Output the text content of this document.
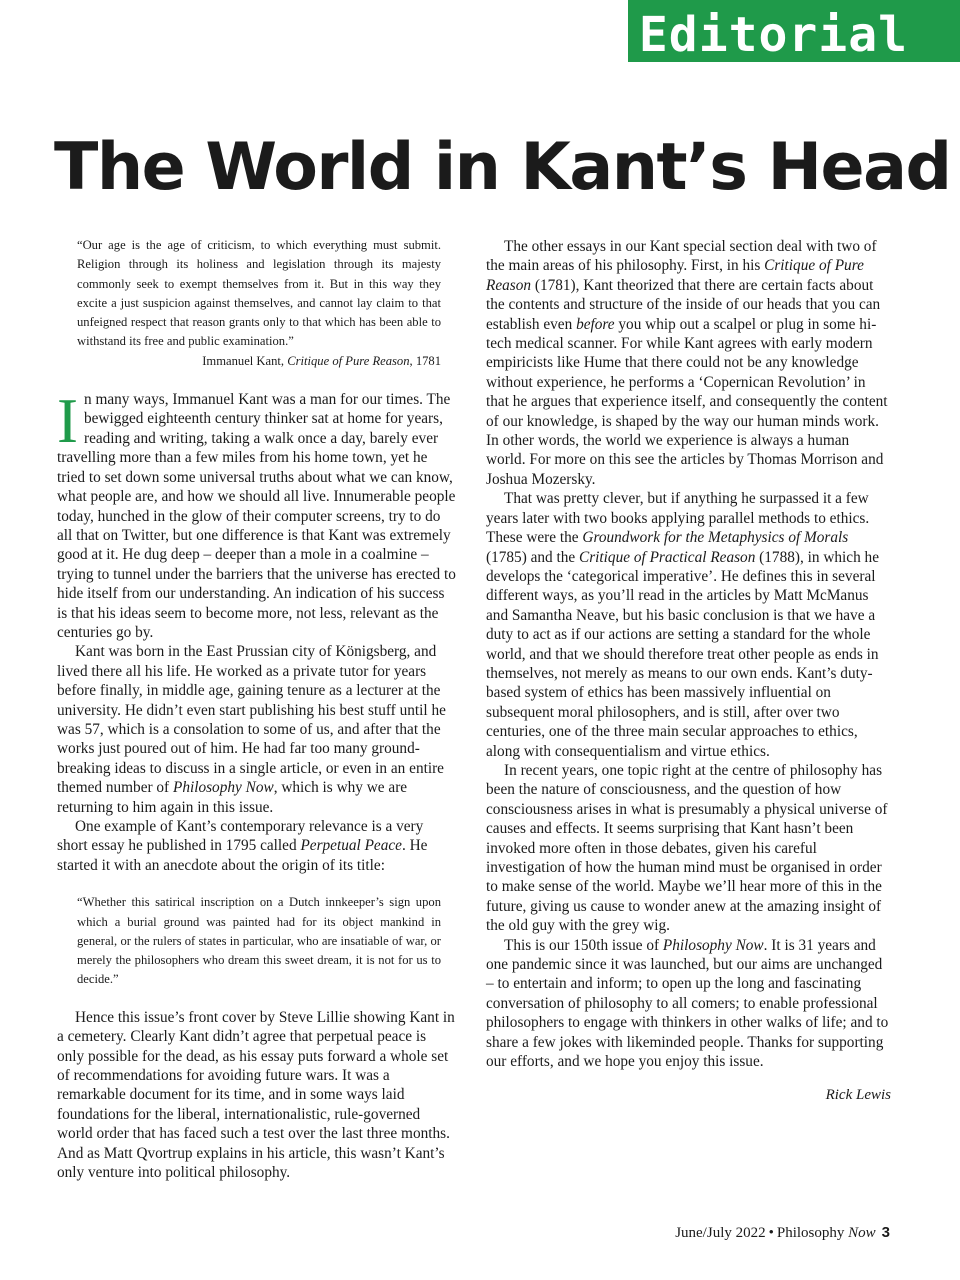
Editorial
The World in Kant’s Head

“Our age is the age of criticism, to which everything must submit. Religion through its holiness and legislation through its majesty commonly seek to exempt themselves from it. But in this way they excite a just suspicion against themselves, and cannot lay claim to that unfeigned respect that reason grants only to that which has been able to withstand its free and public examination.”

Immanuel Kant, Critique of Pure Reason, 1781

In many ways, Immanuel Kant was a man for our times. The bewigged eighteenth century thinker sat at home for years, reading and writing, taking a walk once a day, barely ever travelling more than a few miles from his home town, yet he tried to set down some universal truths about what we can know, what people are, and how we should all live. Innumerable people today, hunched in the glow of their computer screens, try to do all that on Twitter, but one difference is that Kant was extremely good at it. He dug deep – deeper than a mole in a coalmine – trying to tunnel under the barriers that the universe has erected to hide itself from our understanding. An indication of his success is that his ideas seem to become more, not less, relevant as the centuries go by.

Kant was born in the East Prussian city of Königsberg, and lived there all his life. He worked as a private tutor for years before finally, in middle age, gaining tenure as a lecturer at the university. He didn’t even start publishing his best stuff until he was 57, which is a consolation to some of us, and after that the works just poured out of him. He had far too many ground-breaking ideas to discuss in a single article, or even in an entire themed number of Philosophy Now, which is why we are returning to him again in this issue.

One example of Kant’s contemporary relevance is a very short essay he published in 1795 called Perpetual Peace. He started it with an anecdote about the origin of its title:

“Whether this satirical inscription on a Dutch innkeeper’s sign upon which a burial ground was painted had for its object mankind in general, or the rulers of states in particular, who are insatiable of war, or merely the philosophers who dream this sweet dream, it is not for us to decide.”

Hence this issue’s front cover by Steve Lillie showing Kant in a cemetery. Clearly Kant didn’t agree that perpetual peace is only possible for the dead, as his essay puts forward a whole set of recommendations for avoiding future wars. It was a remarkable document for its time, and in some ways laid foundations for the liberal, internationalistic, rule-governed world order that has faced such a test over the last three months. And as Matt Qvortrup explains in his article, this wasn’t Kant’s only venture into political philosophy.

The other essays in our Kant special section deal with two of the main areas of his philosophy. First, in his Critique of Pure Reason (1781), Kant theorized that there are certain facts about the contents and structure of the inside of our heads that you can establish even before you whip out a scalpel or plug in some hi-tech medical scanner. For while Kant agrees with early modern empiricists like Hume that there could not be any knowledge without experience, he performs a ‘Copernican Revolution’ in that he argues that experience itself, and consequently the content of our knowledge, is shaped by the way our human minds work. In other words, the world we experience is always a human world. For more on this see the articles by Thomas Morrison and Joshua Mozersky.

That was pretty clever, but if anything he surpassed it a few years later with two books applying parallel methods to ethics. These were the Groundwork for the Metaphysics of Morals (1785) and the Critique of Practical Reason (1788), in which he develops the ‘categorical imperative’. He defines this in several different ways, as you’ll read in the articles by Matt McManus and Samantha Neave, but his basic conclusion is that we have a duty to act as if our actions are setting a standard for the whole world, and that we should therefore treat other people as ends in themselves, not merely as means to our own ends. Kant’s duty-based system of ethics has been massively influential on subsequent moral philosophers, and is still, after over two centuries, one of the three main secular approaches to ethics, along with consequentialism and virtue ethics.

In recent years, one topic right at the centre of philosophy has been the nature of consciousness, and the question of how consciousness arises in what is presumably a physical universe of causes and effects. It seems surprising that Kant hasn’t been invoked more often in those debates, given his careful investigation of how the human mind must be organised in order to make sense of the world. Maybe we’ll hear more of this in the future, giving us cause to wonder anew at the amazing insight of the old guy with the grey wig.

This is our 150th issue of Philosophy Now. It is 31 years and one pandemic since it was launched, but our aims are unchanged – to entertain and inform; to open up the long and fascinating conversation of philosophy to all comers; to enable professional philosophers to engage with thinkers in other walks of life; and to share a few jokes with likeminded people. Thanks for supporting our efforts, and we hope you enjoy this issue.

Rick Lewis
June/July 2022 • Philosophy Now 3
